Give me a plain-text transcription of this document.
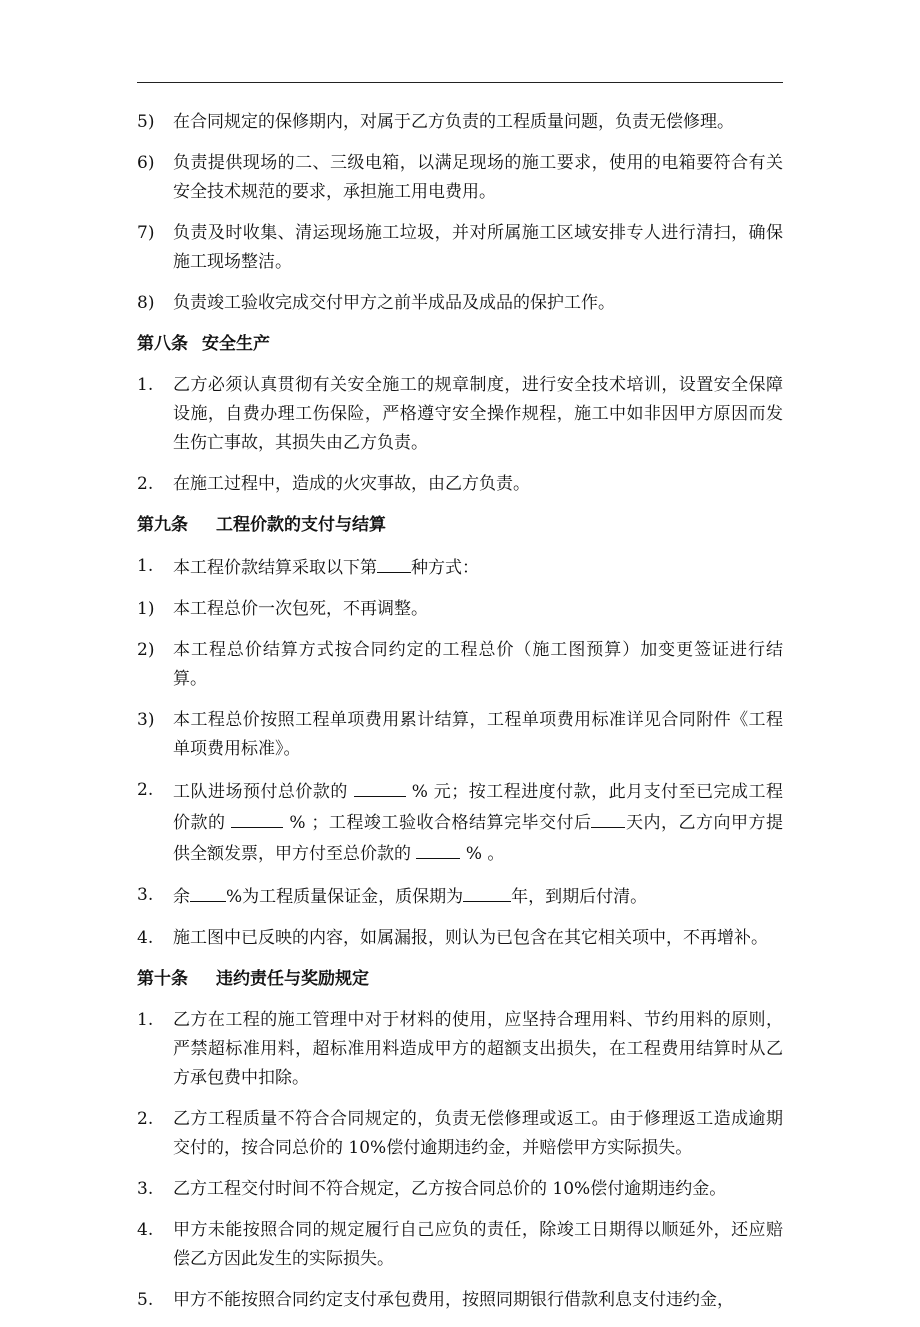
5)	在合同规定的保修期内，对属于乙方负责的工程质量问题，负责无偿修理。
6)	负责提供现场的二、三级电箱，以满足现场的施工要求，使用的电箱要符合有关安全技术规范的要求，承担施工用电费用。
7)	负责及时收集、清运现场施工垃圾，并对所属施工区域安排专人进行清扫，确保施工现场整洁。
8)	负责竣工验收完成交付甲方之前半成品及成品的保护工作。
第八条 安全生产
1.	乙方必须认真贯彻有关安全施工的规章制度，进行安全技术培训，设置安全保障设施，自费办理工伤保险，严格遵守安全操作规程，施工中如非因甲方原因而发生伤亡事故，其损失由乙方负责。
2.	在施工过程中，造成的火灾事故，由乙方负责。
第九条 工程价款的支付与结算
1.	本工程价款结算采取以下第 种方式：
1)	本工程总价一次包死，不再调整。
2)	本工程总价结算方式按合同约定的工程总价（施工图预算）加变更签证进行结算。
3)	本工程总价按照工程单项费用累计结算，工程单项费用标准详见合同附件《工程单项费用标准》。
2.	工队进场预付总价款的	% 元；按工程进度付款，此月支付至已完成工程价款的	% ；工程竣工验收合格结算完毕交付后 天内，乙方向甲方提供全额发票，甲方付至总价款的	% 。
3.	余 %为工程质量保证金，质保期为	年，到期后付清。
4.	施工图中已反映的内容，如属漏报，则认为已包含在其它相关项中，不再增补。
第十条 违约责任与奖励规定
1.	乙方在工程的施工管理中对于材料的使用，应坚持合理用料、节约用料的原则，严禁超标准用料，超标准用料造成甲方的超额支出损失，在工程费用结算时从乙方承包费中扣除。
2.	乙方工程质量不符合合同规定的，负责无偿修理或返工。由于修理返工造成逾期交付的，按合同总价的 10%偿付逾期违约金，并赔偿甲方实际损失。
3.	乙方工程交付时间不符合规定，乙方按合同总价的 10%偿付逾期违约金。
4.	甲方未能按照合同的规定履行自己应负的责任，除竣工日期得以顺延外，还应赔偿乙方因此发生的实际损失。
5.	甲方不能按照合同约定支付承包费用，按照同期银行借款利息支付违约金，
